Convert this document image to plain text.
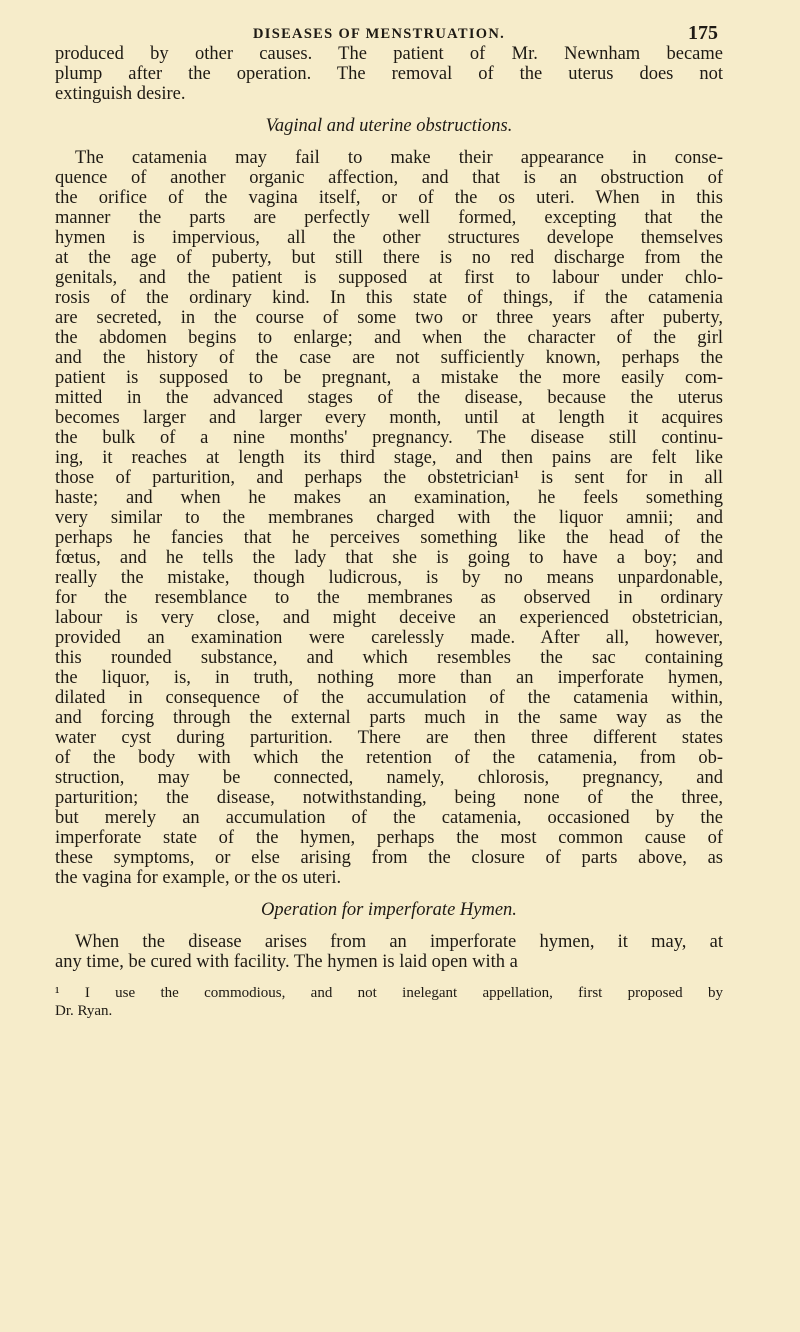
DISEASES OF MENSTRUATION.	175
produced by other causes. The patient of Mr. Newnham became
plump after the operation. The removal of the uterus does not
extinguish desire.
Vaginal and uterine obstructions.
The catamenia may fail to make their appearance in conse-
quence of another organic affection, and that is an obstruction of
the orifice of the vagina itself, or of the os uteri. When in this
manner the parts are perfectly well formed, excepting that the
hymen is impervious, all the other structures develope themselves
at the age of puberty, but still there is no red discharge from the
genitals, and the patient is supposed at first to labour under chlo-
rosis of the ordinary kind. In this state of things, if the catamenia
are secreted, in the course of some two or three years after puberty,
the abdomen begins to enlarge; and when the character of the girl
and the history of the case are not sufficiently known, perhaps the
patient is supposed to be pregnant, a mistake the more easily com-
mitted in the advanced stages of the disease, because the uterus
becomes larger and larger every month, until at length it acquires
the bulk of a nine months' pregnancy. The disease still continu-
ing, it reaches at length its third stage, and then pains are felt like
those of parturition, and perhaps the obstetrician¹ is sent for in all
haste; and when he makes an examination, he feels something
very similar to the membranes charged with the liquor amnii; and
perhaps he fancies that he perceives something like the head of the
fœtus, and he tells the lady that she is going to have a boy; and
really the mistake, though ludicrous, is by no means unpardonable,
for the resemblance to the membranes as observed in ordinary
labour is very close, and might deceive an experienced obstetrician,
provided an examination were carelessly made. After all, however,
this rounded substance, and which resembles the sac containing
the liquor, is, in truth, nothing more than an imperforate hymen,
dilated in consequence of the accumulation of the catamenia within,
and forcing through the external parts much in the same way as the
water cyst during parturition. There are then three different states
of the body with which the retention of the catamenia, from ob-
struction, may be connected, namely, chlorosis, pregnancy, and
parturition; the disease, notwithstanding, being none of the three,
but merely an accumulation of the catamenia, occasioned by the
imperforate state of the hymen, perhaps the most common cause of
these symptoms, or else arising from the closure of parts above, as
the vagina for example, or the os uteri.
Operation for imperforate Hymen.
When the disease arises from an imperforate hymen, it may, at
any time, be cured with facility. The hymen is laid open with a
¹ I use the commodious, and not inelegant appellation, first proposed by
Dr. Ryan.
